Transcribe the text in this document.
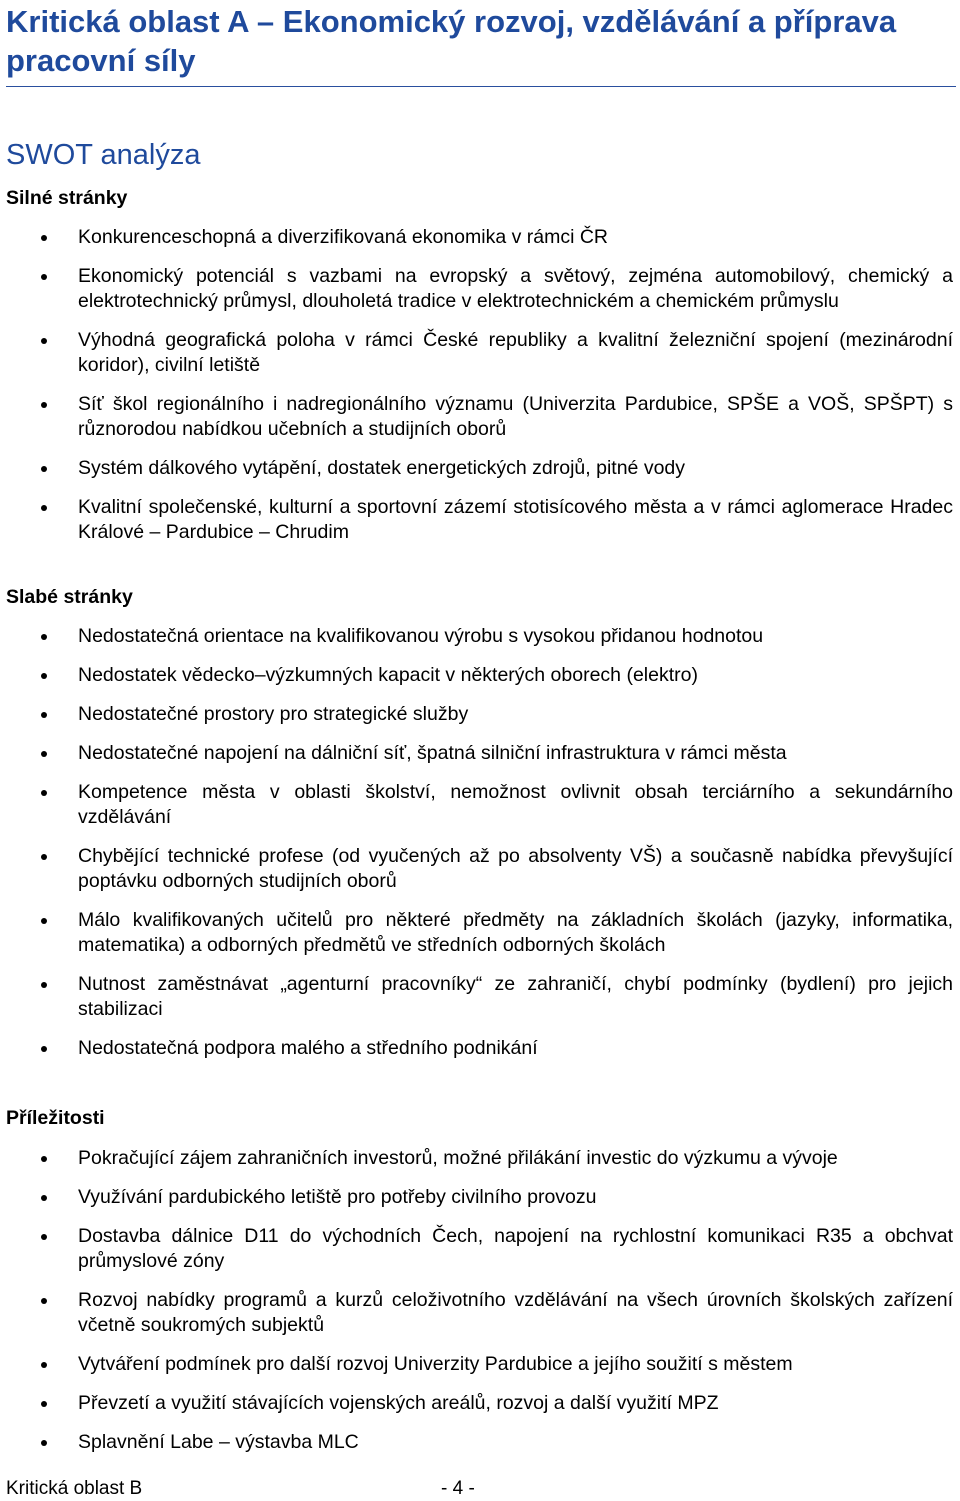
Kritická oblast A – Ekonomický rozvoj, vzdělávání a příprava pracovní síly
SWOT analýza
Silné stránky
Konkurenceschopná a diverzifikovaná ekonomika v rámci ČR
Ekonomický potenciál s vazbami na evropský a světový, zejména automobilový, chemický a elektrotechnický průmysl, dlouholetá tradice v elektrotechnickém a chemickém průmyslu
Výhodná geografická poloha v rámci České republiky a kvalitní železniční spojení (mezinárodní koridor), civilní letiště
Síť škol regionálního i nadregionálního významu (Univerzita Pardubice, SPŠE a VOŠ, SPŠPT) s různorodou nabídkou učebních a studijních oborů
Systém dálkového vytápění, dostatek energetických zdrojů, pitné vody
Kvalitní společenské, kulturní a sportovní zázemí stotisícového města a v rámci aglomerace Hradec Králové – Pardubice – Chrudim
Slabé stránky
Nedostatečná orientace na kvalifikovanou výrobu s vysokou přidanou hodnotou
Nedostatek vědecko–výzkumných kapacit v některých oborech (elektro)
Nedostatečné prostory pro strategické služby
Nedostatečné napojení na dálniční síť, špatná silniční infrastruktura v rámci města
Kompetence města v oblasti školství, nemožnost ovlivnit obsah terciárního a sekundárního vzdělávání
Chybějící technické profese (od vyučených až po absolventy VŠ) a současně nabídka převyšující poptávku odborných studijních oborů
Málo kvalifikovaných učitelů pro některé předměty na základních školách (jazyky, informatika, matematika) a odborných předmětů ve středních odborných školách
Nutnost zaměstnávat „agenturní pracovníky“ ze zahraničí, chybí podmínky (bydlení) pro jejich stabilizaci
Nedostatečná podpora malého a středního podnikání
Příležitosti
Pokračující zájem zahraničních investorů, možné přilákání investic do výzkumu a vývoje
Využívání pardubického letiště pro potřeby civilního provozu
Dostavba dálnice D11 do východních Čech, napojení na rychlostní komunikaci R35 a obchvat průmyslové zóny
Rozvoj nabídky programů a kurzů celoživotního vzdělávání na všech úrovních školských zařízení včetně soukromých subjektů
Vytváření podmínek pro další rozvoj Univerzity Pardubice a jejího soužití s městem
Převzetí a využití stávajících vojenských areálů, rozvoj a další využití MPZ
Splavnění Labe – výstavba MLC
Kritická oblast B	- 4 -
